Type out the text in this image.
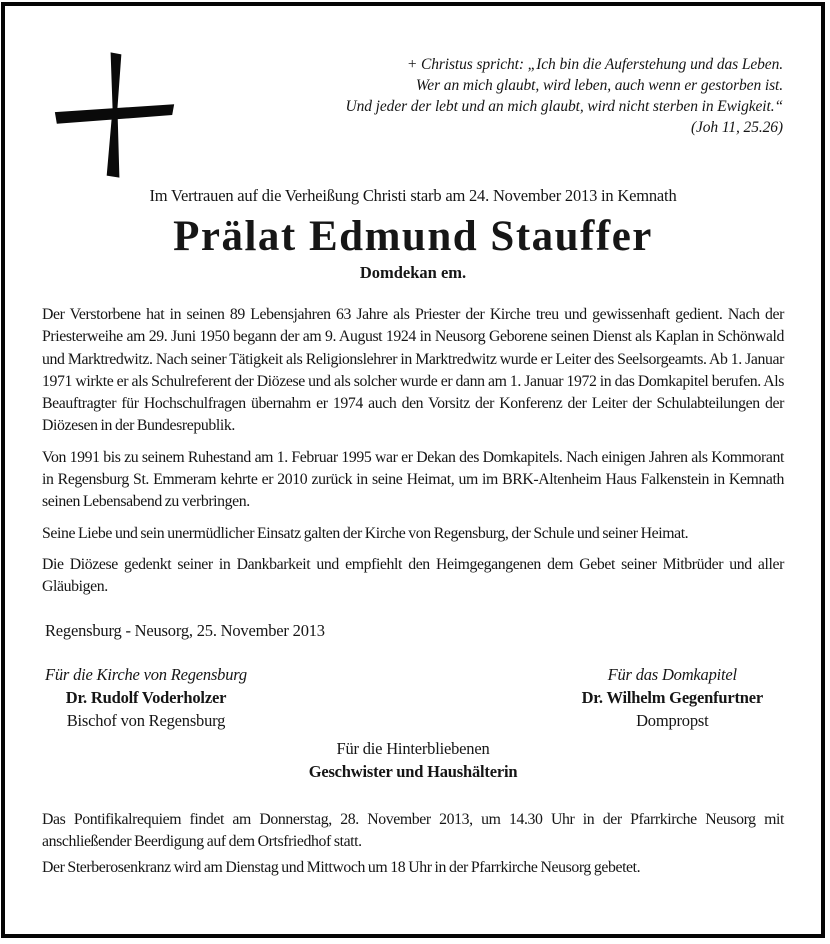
+ Christus spricht: „Ich bin die Auferstehung und das Leben.
Wer an mich glaubt, wird leben, auch wenn er gestorben ist.
Und jeder der lebt und an mich glaubt, wird nicht sterben in Ewigkeit.“
(Joh 11, 25.26)
Im Vertrauen auf die Verheißung Christi starb am 24. November 2013 in Kemnath
Prälat Edmund Stauffer
Domdekan em.

Der Verstorbene hat in seinen 89 Lebensjahren 63 Jahre als Priester der Kirche treu und gewissenhaft gedient. Nach der Priesterweihe am 29. Juni 1950 begann der am 9. August 1924 in Neusorg Geborene seinen Dienst als Kaplan in Schönwald und Marktredwitz. Nach seiner Tätigkeit als Religionslehrer in Marktredwitz wurde er Leiter des Seelsorgeamts. Ab 1. Januar 1971 wirkte er als Schulreferent der Diözese und als solcher wurde er dann am 1. Januar 1972 in das Domkapitel berufen. Als Beauftragter für Hochschulfragen übernahm er 1974 auch den Vorsitz der Konferenz der Leiter der Schulabteilungen der Diözesen in der Bundesrepublik.

Von 1991 bis zu seinem Ruhestand am 1. Februar 1995 war er Dekan des Domkapitels. Nach einigen Jahren als Kommorant in Regensburg St. Emmeram kehrte er 2010 zurück in seine Heimat, um im BRK-Altenheim Haus Falkenstein in Kemnath seinen Lebensabend zu verbringen.

Seine Liebe und sein unermüdlicher Einsatz galten der Kirche von Regensburg, der Schule und seiner Heimat.

Die Diözese gedenkt seiner in Dankbarkeit und empfiehlt den Heimgegangenen dem Gebet seiner Mitbrüder und aller Gläubigen.

Regensburg - Neusorg, 25. November 2013
Für die Kirche von Regensburg
Dr. Rudolf Voderholzer
Bischof von Regensburg
Für das Domkapitel
Dr. Wilhelm Gegenfurtner
Dompropst
Für die Hinterbliebenen
Geschwister und Haushälterin

Das Pontifikalrequiem findet am Donnerstag, 28. November 2013, um 14.30 Uhr in der Pfarrkirche Neusorg mit anschließender Beerdigung auf dem Ortsfriedhof statt.

Der Sterberosenkranz wird am Dienstag und Mittwoch um 18 Uhr in der Pfarrkirche Neusorg gebetet.
